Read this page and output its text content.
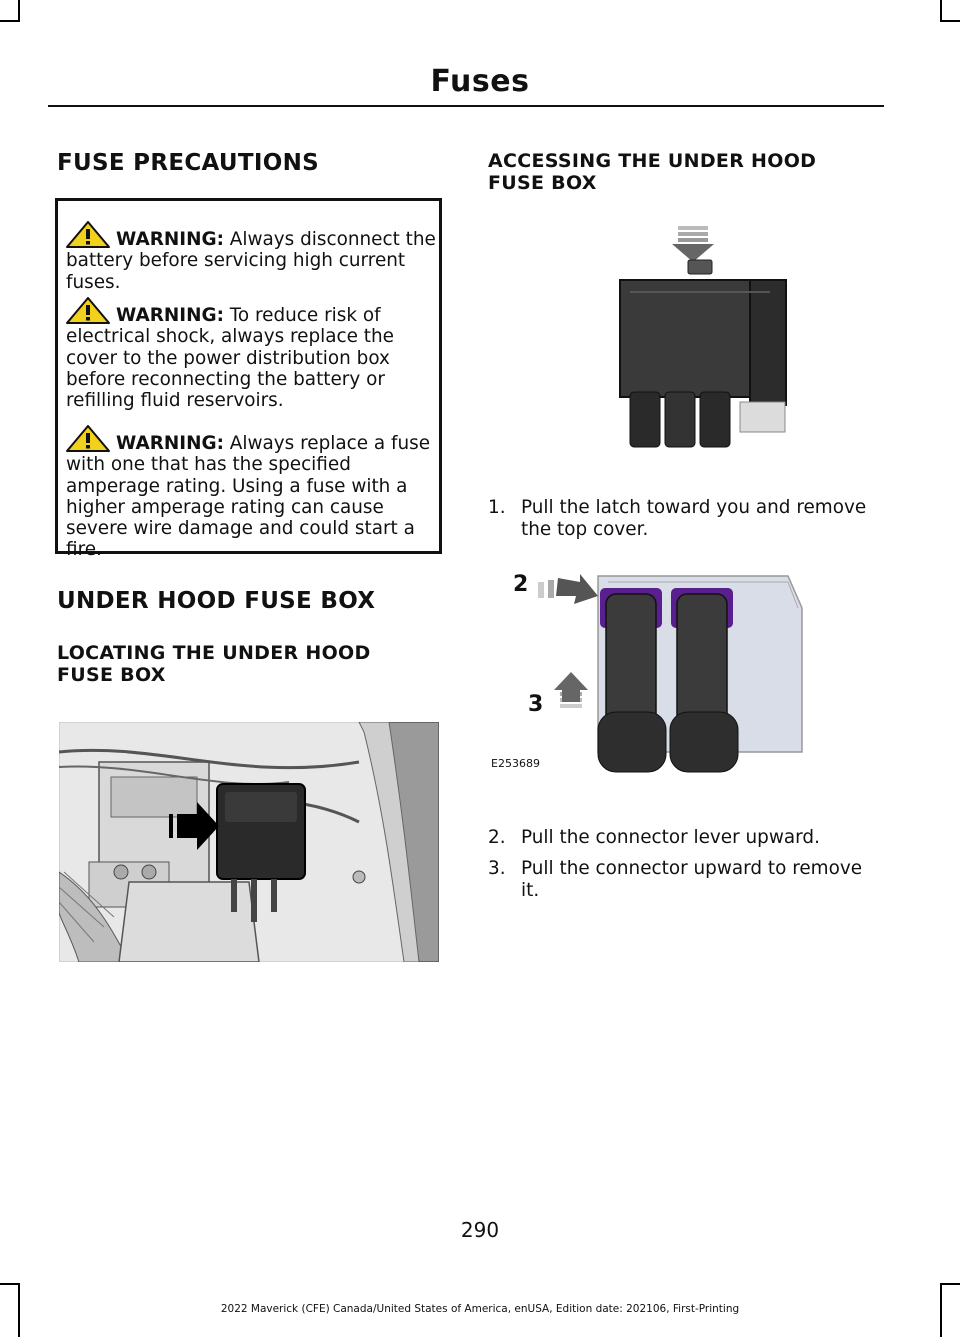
Fuses
FUSE PRECAUTIONS

WARNING: Always disconnect the battery before servicing high current fuses.

WARNING: To reduce risk of electrical shock, always replace the cover to the power distribution box before reconnecting the battery or refilling fluid reservoirs.

WARNING: Always replace a fuse with one that has the specified amperage rating. Using a fuse with a higher amperage rating can cause severe wire damage and could start a fire.

UNDER HOOD FUSE BOX
LOCATING THE UNDER HOOD FUSE BOX
ACCESSING THE UNDER HOOD FUSE BOX

1. Pull the latch toward you and remove the top cover.

2
3
E253689

2. Pull the connector lever upward.

3. Pull the connector upward to remove it.

290
2022 Maverick (CFE) Canada/United States of America, enUSA, Edition date: 202106, First-Printing
